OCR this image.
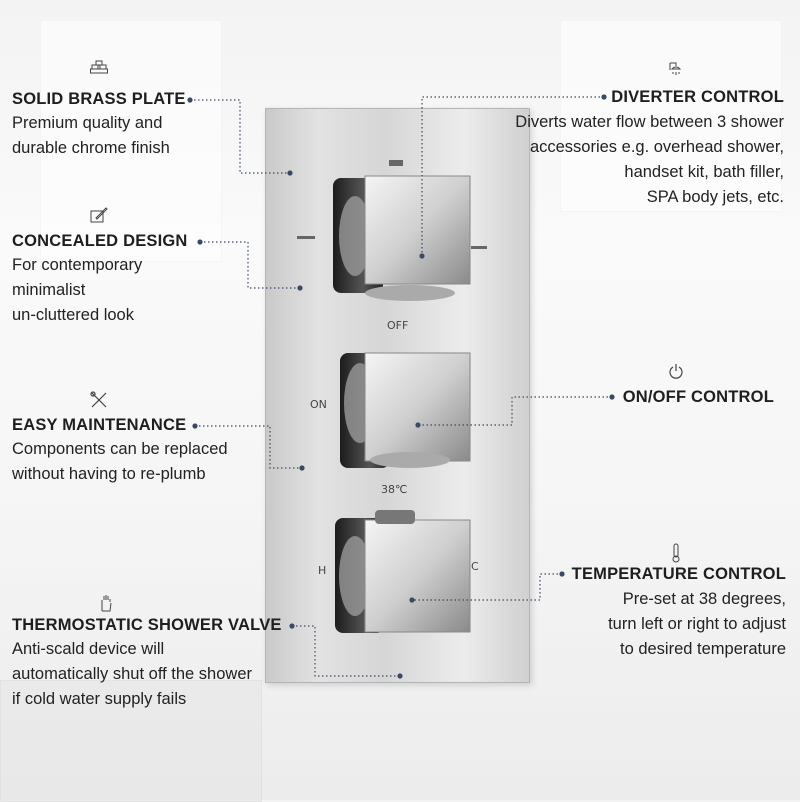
OFF
ON
38℃
H	C
SOLID BRASS PLATE
Premium quality and
durable chrome finish
CONCEALED DESIGN
For contemporary
minimalist
un-cluttered look
EASY MAINTENANCE
Components can be replaced
without having to re-plumb
THERMOSTATIC SHOWER VALVE
Anti-scald device will
automatically shut off the shower
if cold water supply fails
DIVERTER CONTROL
Diverts water flow between 3 shower
accessories e.g. overhead shower,
handset kit, bath filler,
SPA body jets, etc.
ON/OFF CONTROL
TEMPERATURE CONTROL
Pre-set at 38 degrees,
turn left or right to adjust
to desired temperature
